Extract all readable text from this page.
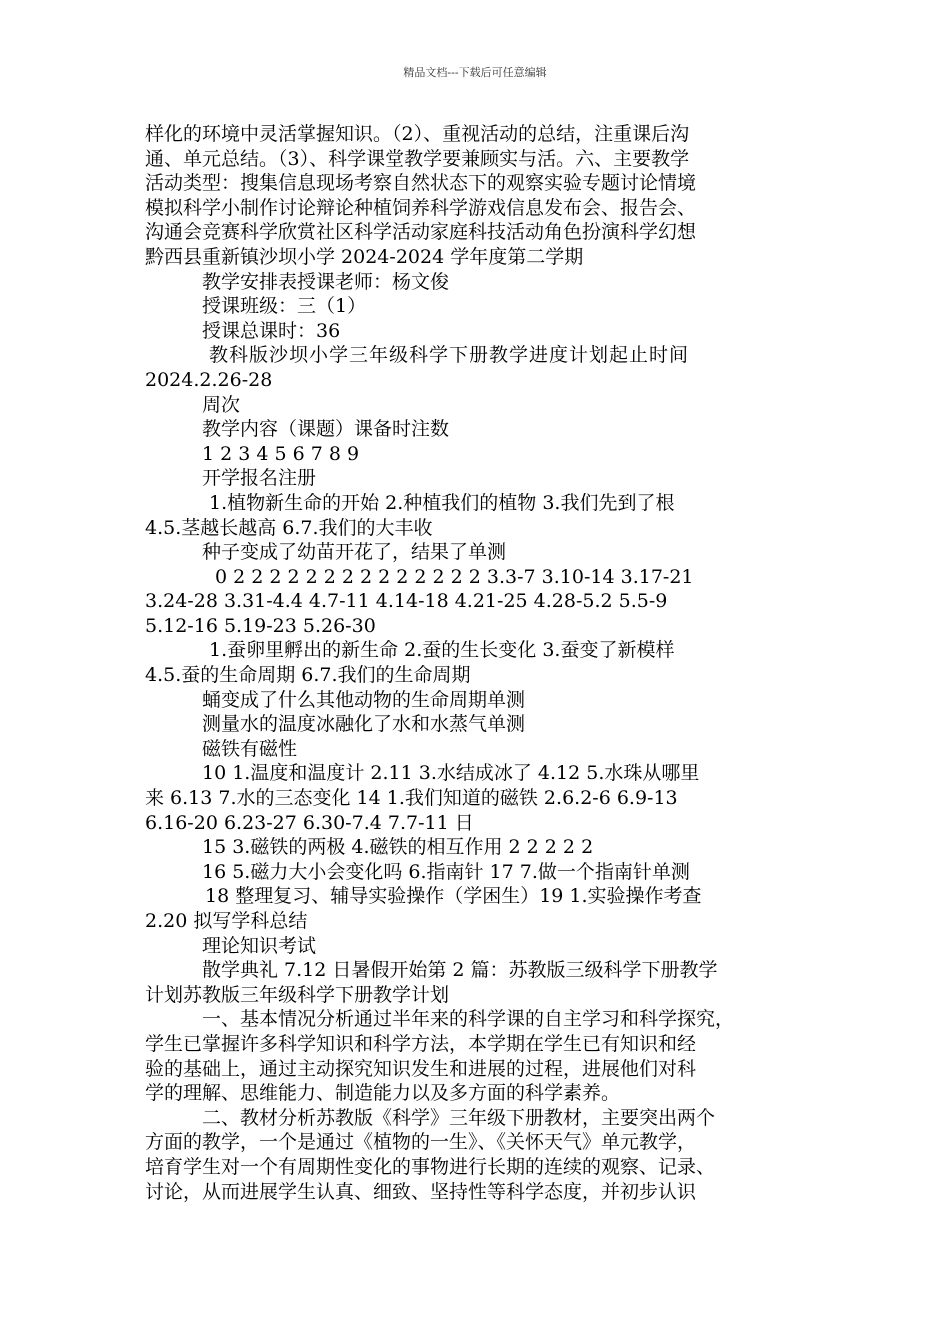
精品文档---下载后可任意编辑
样化的环境中灵活掌握知识。（2）、重视活动的总结，注重课后沟
通、单元总结。（3）、科学课堂教学要兼顾实与活。六、主要教学
活动类型：搜集信息现场考察自然状态下的观察实验专题讨论情境
模拟科学小制作讨论辩论种植饲养科学游戏信息发布会、报告会、
沟通会竞赛科学欣赏社区科学活动家庭科技活动角色扮演科学幻想
黔西县重新镇沙坝小学 2024-2024 学年度第二学期
教学安排表授课老师：杨文俊
授课班级：三（1）
授课总课时：36
教科版沙坝小学三年级科学下册教学进度计划起止时间
2024.2.26-28
周次
教学内容（课题）课备时注数
1 2 3 4 5 6 7 8 9
开学报名注册
1.植物新生命的开始 2.种植我们的植物 3.我们先到了根
4.5.茎越长越高 6.7.我们的大丰收
种子变成了幼苗开花了，结果了单测
0 2 2 2 2 2 2 2 2 2 2 2 2 2 2 3.3-7 3.10-14 3.17-21
3.24-28 3.31-4.4 4.7-11 4.14-18 4.21-25 4.28-5.2 5.5-9
5.12-16 5.19-23 5.26-30
1.蚕卵里孵出的新生命 2.蚕的生长变化 3.蚕变了新模样
4.5.蚕的生命周期 6.7.我们的生命周期
蛹变成了什么其他动物的生命周期单测
测量水的温度冰融化了水和水蒸气单测
磁铁有磁性
10 1.温度和温度计 2.11 3.水结成冰了 4.12 5.水珠从哪里
来 6.13 7.水的三态变化 14 1.我们知道的磁铁 2.6.2-6 6.9-13
6.16-20 6.23-27 6.30-7.4 7.7-11 日
15 3.磁铁的两极 4.磁铁的相互作用 2 2 2 2 2
16 5.磁力大小会变化吗 6.指南针 17 7.做一个指南针单测
18 整理复习、辅导实验操作（学困生）19 1.实验操作考查
2.20 拟写学科总结
理论知识考试
散学典礼 7.12 日暑假开始第 2 篇：苏教版三级科学下册教学
计划苏教版三年级科学下册教学计划
一、基本情况分析通过半年来的科学课的自主学习和科学探究，
学生已掌握许多科学知识和科学方法，本学期在学生已有知识和经
验的基础上，通过主动探究知识发生和进展的过程，进展他们对科
学的理解、思维能力、制造能力以及多方面的科学素养。
二、教材分析苏教版《科学》三年级下册教材，主要突出两个
方面的教学，一个是通过《植物的一生》、《关怀天气》单元教学，
培育学生对一个有周期性变化的事物进行长期的连续的观察、记录、
讨论，从而进展学生认真、细致、坚持性等科学态度，并初步认识
